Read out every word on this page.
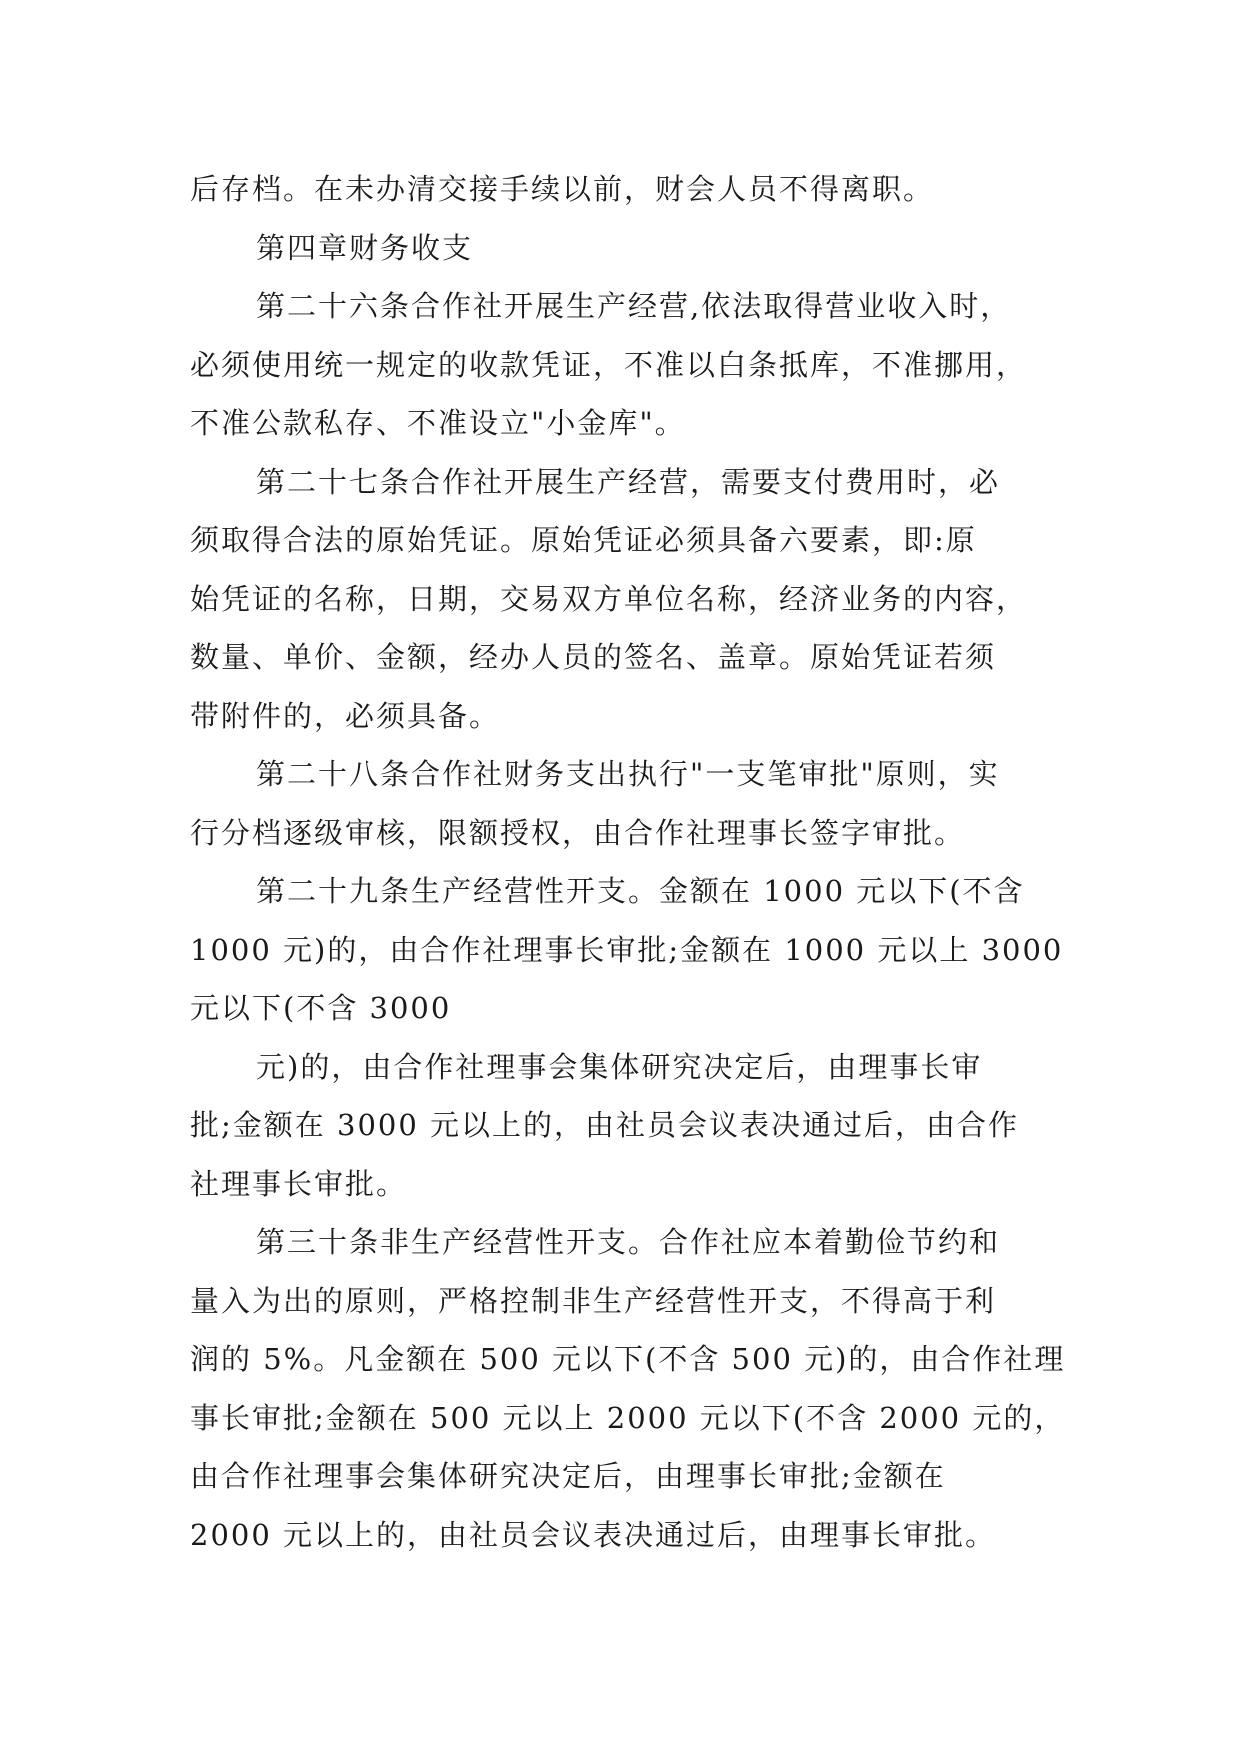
后存档。在未办清交接手续以前，财会人员不得离职。
第四章财务收支
第二十六条合作社开展生产经营,依法取得营业收入时，
必须使用统一规定的收款凭证，不准以白条抵库，不准挪用，
不准公款私存、不准设立"小金库"。
第二十七条合作社开展生产经营，需要支付费用时，必
须取得合法的原始凭证。原始凭证必须具备六要素，即:原
始凭证的名称，日期，交易双方单位名称，经济业务的内容，
数量、单价、金额，经办人员的签名、盖章。原始凭证若须
带附件的，必须具备。
第二十八条合作社财务支出执行"一支笔审批"原则，实
行分档逐级审核，限额授权，由合作社理事长签字审批。
第二十九条生产经营性开支。金额在 1000 元以下(不含
1000 元)的，由合作社理事长审批;金额在 1000 元以上 3000
元以下(不含 3000
元)的，由合作社理事会集体研究决定后，由理事长审
批;金额在 3000 元以上的，由社员会议表决通过后，由合作
社理事长审批。
第三十条非生产经营性开支。合作社应本着勤俭节约和
量入为出的原则，严格控制非生产经营性开支，不得高于利
润的 5%。凡金额在 500 元以下(不含 500 元)的，由合作社理
事长审批;金额在 500 元以上 2000 元以下(不含 2000 元的，
由合作社理事会集体研究决定后，由理事长审批;金额在
2000 元以上的，由社员会议表决通过后，由理事长审批。
